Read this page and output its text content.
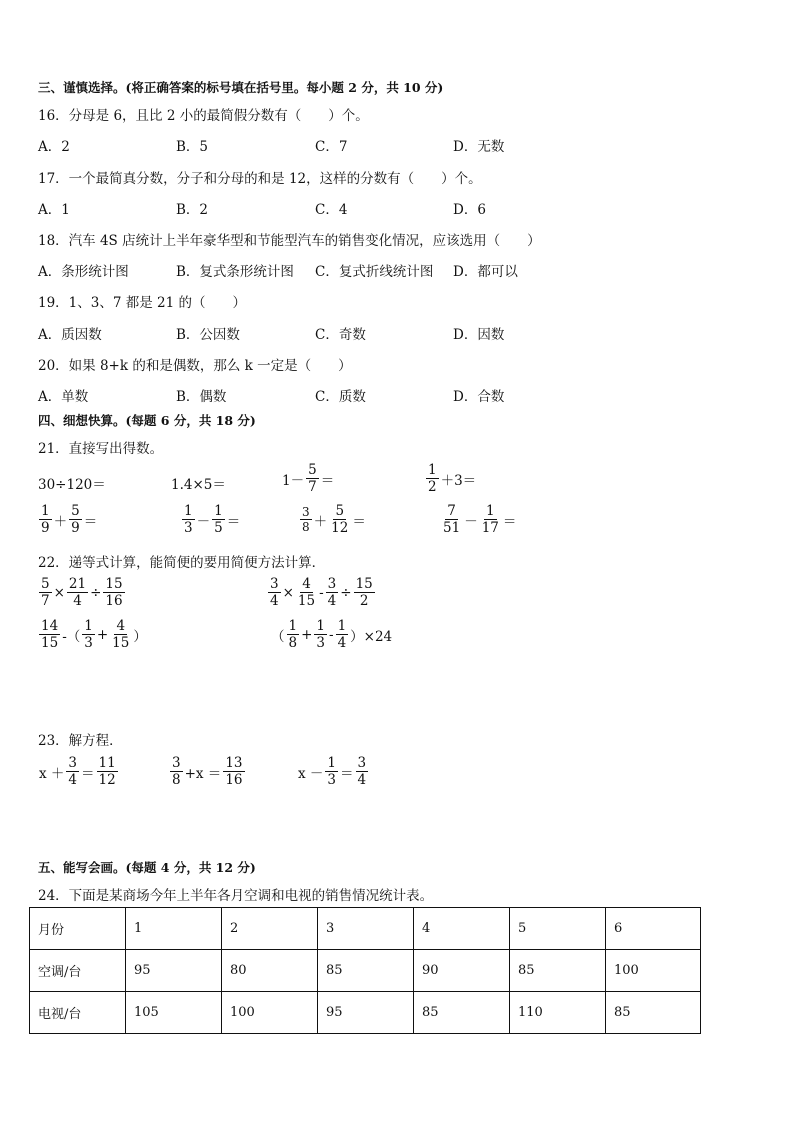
三、谨慎选择。(将正确答案的标号填在括号里。每小题 2 分，共 10 分)
16．分母是 6，且比 2 小的最简假分数有（　　）个。
A．2	B．5	C．7	D．无数
17．一个最简真分数，分子和分母的和是 12，这样的分数有（　　）个。
A．1	B．2	C．4	D．6
18．汽车 4S 店统计上半年豪华型和节能型汽车的销售变化情况，应该选用（　　）
A．条形统计图	B．复式条形统计图 C．复式折线统计图 D．都可以
19．1、3、7 都是 21 的（　　）
A．质因数	B．公因数	C．奇数	D．因数
20．如果 8+k 的和是偶数，那么 k 一定是（　　）
A．单数	B．偶数	C．质数	D．合数
四、细想快算。(每题 6 分，共 18 分)
21．直接写出得数。
30÷120＝	1.4×5＝	$1- \frac{5}{7}$ ＝	$\frac{1}{2} +3=$
$\frac{1}{9} + \frac{5}{9}$ ＝	$\frac{1}{3} - \frac{1}{5}$ ＝	$\frac{3}{8} + \frac{5}{12}$ ＝	$\frac{7}{51} - \frac{1}{17}$ ＝
22．递等式计算，能简便的要用简便方法计算．
$\frac{5}{7} \times \frac{21}{4} \div \frac{15}{16}$	$\frac{3}{4} \times \frac{4}{15} - \frac{3}{4} \div \frac{15}{2}$
$\frac{14}{15}$ -（ $\frac{1}{3} + \frac{4}{15}$ ）	（ $\frac{1}{8} + \frac{1}{3} - \frac{1}{4} )\times 24$
23．解方程．
$x + \frac{3}{4} = \frac{11}{12}$	$\frac{3}{8} +x = \frac{13}{16}$	$x - \frac{1}{3} = \frac{3}{4}$
五、能写会画。(每题 4 分，共 12 分)
24．下面是某商场今年上半年各月空调和电视的销售情况统计表。
月份	1	2	3	4	5	6
空调/台	95	80	85	90	85	100
电视/台	105	100	95	85	110	85
